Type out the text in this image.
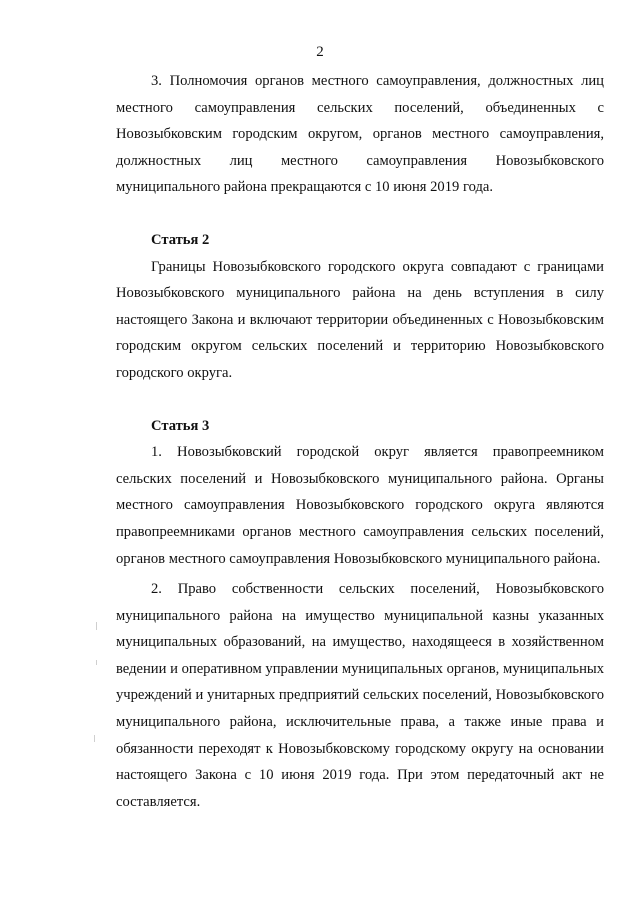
2

3. Полномочия органов местного самоуправления, должностных лиц местного самоуправления сельских поселений, объединенных с Новозыбковским городским округом, органов местного самоуправления, должностных лиц местного самоуправления Новозыбковского муниципального района прекращаются с 10 июня 2019 года.

Статья 2

Границы Новозыбковского городского округа совпадают с границами Новозыбковского муниципального района на день вступления в силу настоящего Закона и включают территории объединенных с Новозыбковским городским округом сельских поселений и территорию Новозыбковского городского округа.

Статья 3

1. Новозыбковский городской округ является правопреемником сельских поселений и Новозыбковского муниципального района. Органы местного самоуправления Новозыбковского городского округа являются правопреемниками органов местного самоуправления сельских поселений, органов местного самоуправления Новозыбковского муниципального района.

2. Право собственности сельских поселений, Новозыбковского муниципального района на имущество муниципальной казны указанных муниципальных образований, на имущество, находящееся в хозяйственном ведении и оперативном управлении муниципальных органов, муниципальных учреждений и унитарных предприятий сельских поселений, Новозыбковского муниципального района, исключительные права, а также иные права и обязанности переходят к Новозыбковскому городскому округу на основании настоящего Закона с 10 июня 2019 года. При этом передаточный акт не составляется.
